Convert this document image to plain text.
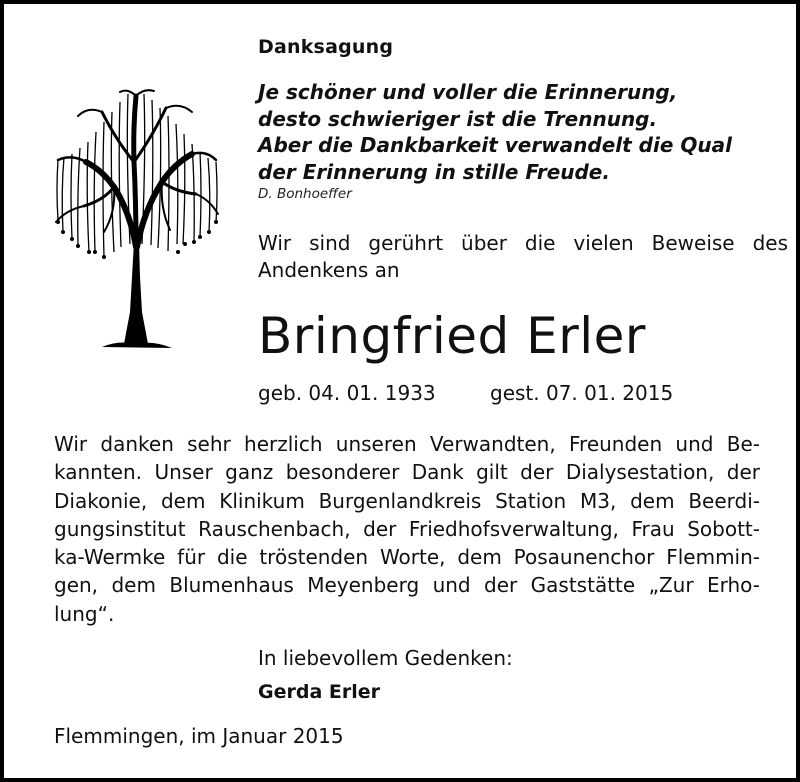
Danksagung
Je schöner und voller die Erinnerung,
desto schwieriger ist die Trennung.
Aber die Dankbarkeit verwandelt die Qual
der Erinnerung in stille Freude.
D. Bonhoeffer
Wir sind gerührt über die vielen Beweise des
Andenkens an
Bringfried Erler
geb. 04. 01. 1933	gest. 07. 01. 2015
Wir danken sehr herzlich unseren Verwandten, Freunden und Be-
kannten. Unser ganz besonderer Dank gilt der Dialysestation, der
Diakonie, dem Klinikum Burgenlandkreis Station M3, dem Beerdi-
gungsinstitut Rauschenbach, der Friedhofsverwaltung, Frau Sobott-
ka-Wermke für die tröstenden Worte, dem Posaunenchor Flemmin-
gen, dem Blumenhaus Meyenberg und der Gaststätte „Zur Erho-
lung“.
In liebevollem Gedenken:
Gerda Erler
Flemmingen, im Januar 2015
